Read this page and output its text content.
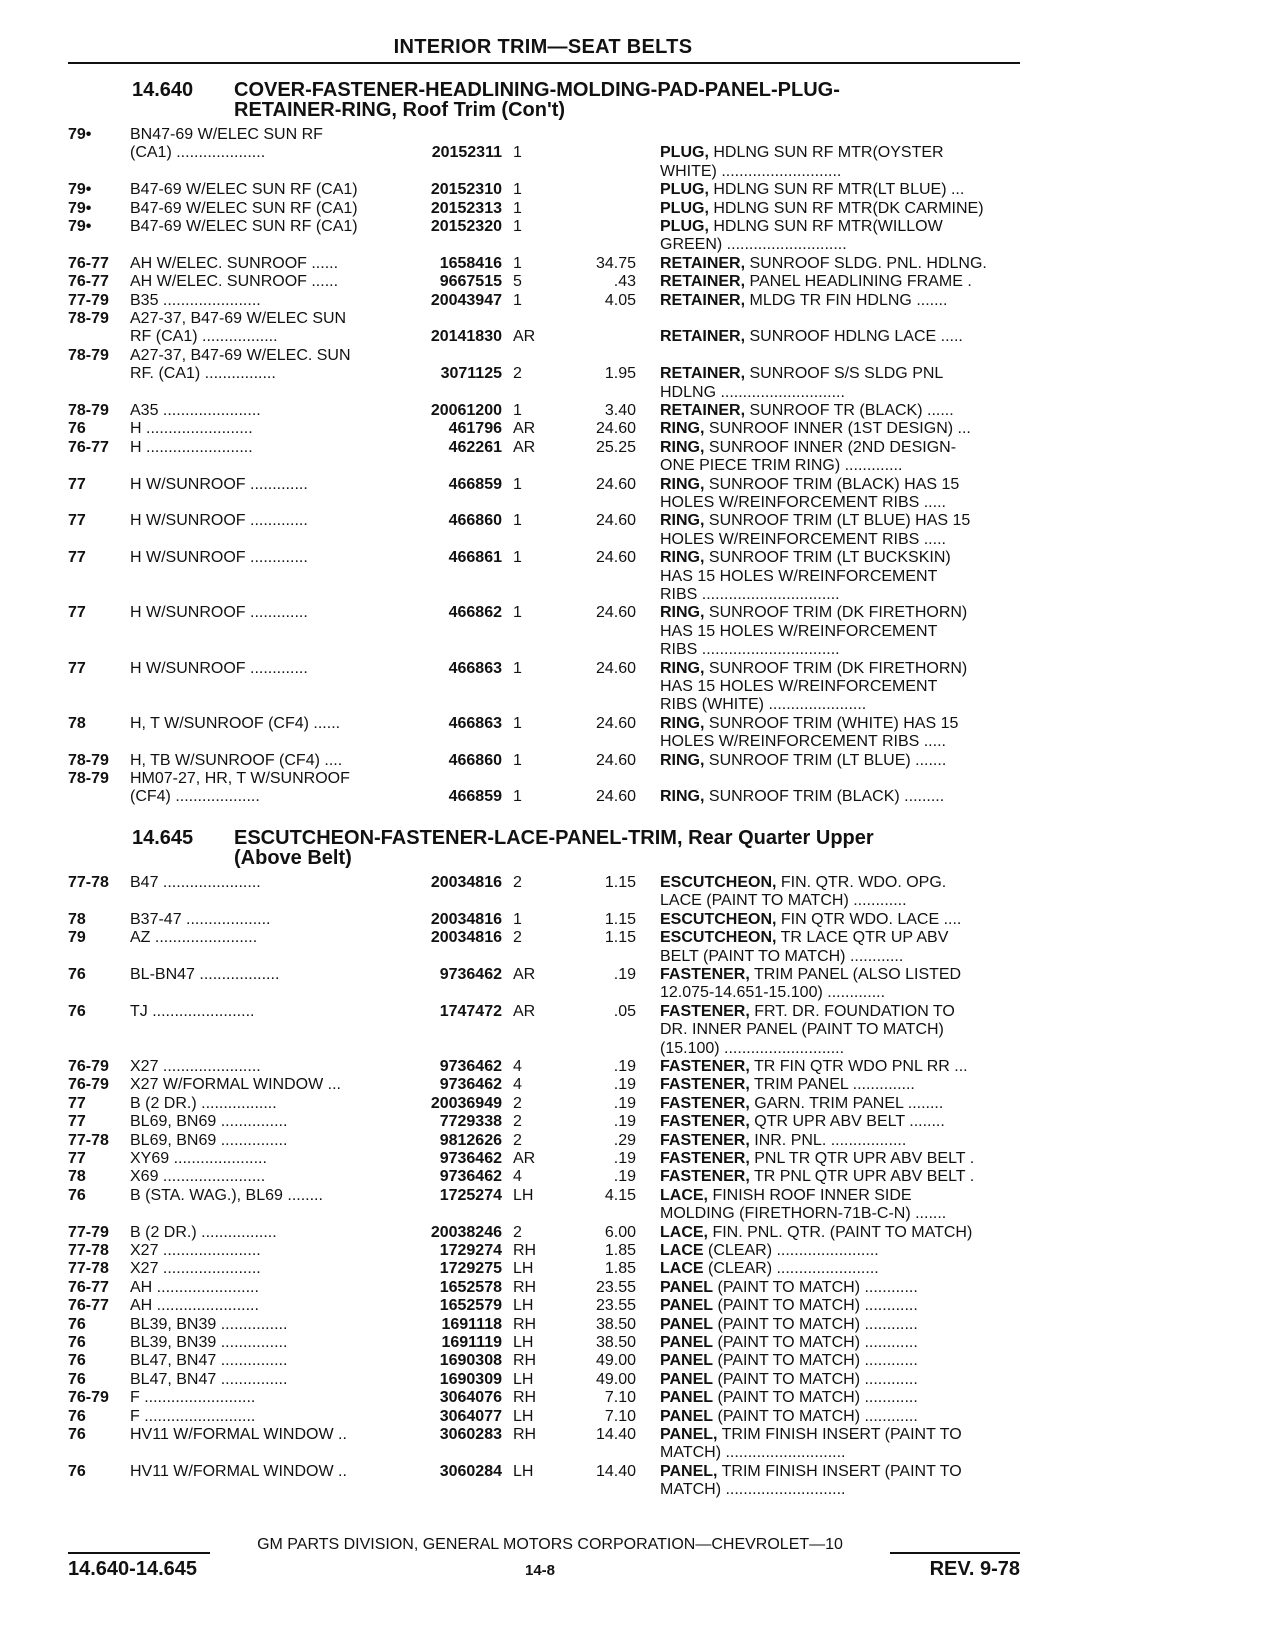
INTERIOR TRIM—SEAT BELTS
14.640 COVER-FASTENER-HEADLINING-MOLDING-PAD-PANEL-PLUG-
RETAINER-RING, Roof Trim (Con't)
79•	BN47-69 W/ELEC SUN RF
(CA1) ....................	20152311 1	PLUG, HDLNG SUN RF MTR(OYSTER
WHITE) ...........................
79•	B47-69 W/ELEC SUN RF (CA1)	20152310 1	PLUG, HDLNG SUN RF MTR(LT BLUE) ...
79•	B47-69 W/ELEC SUN RF (CA1)	20152313 1	PLUG, HDLNG SUN RF MTR(DK CARMINE)
79•	B47-69 W/ELEC SUN RF (CA1)	20152320 1	PLUG, HDLNG SUN RF MTR(WILLOW
GREEN) ...........................
76-77	AH W/ELEC. SUNROOF ......	1658416 1	34.75 RETAINER, SUNROOF SLDG. PNL. HDLNG.
76-77	AH W/ELEC. SUNROOF ......	9667515 5	.43 RETAINER, PANEL HEADLINING FRAME .
77-79	B35 ......................	20043947 1	4.05 RETAINER, MLDG TR FIN HDLNG .......
78-79	A27-37, B47-69 W/ELEC SUN
RF (CA1) .................	20141830 AR	RETAINER, SUNROOF HDLNG LACE .....
78-79	A27-37, B47-69 W/ELEC. SUN
RF. (CA1) ................	3071125 2	1.95 RETAINER, SUNROOF S/S SLDG PNL
HDLNG ............................
78-79	A35 ......................	20061200 1	3.40 RETAINER, SUNROOF TR (BLACK) ......
76	H ........................	461796 AR	24.60 RING, SUNROOF INNER (1ST DESIGN) ...
76-77	H ........................	462261 AR	25.25 RING, SUNROOF INNER (2ND DESIGN-
ONE PIECE TRIM RING) .............
77	H W/SUNROOF .............	466859 1	24.60 RING, SUNROOF TRIM (BLACK) HAS 15
HOLES W/REINFORCEMENT RIBS .....
77	H W/SUNROOF .............	466860 1	24.60 RING, SUNROOF TRIM (LT BLUE) HAS 15
HOLES W/REINFORCEMENT RIBS .....
77	H W/SUNROOF .............	466861 1	24.60 RING, SUNROOF TRIM (LT BUCKSKIN)
HAS 15 HOLES W/REINFORCEMENT
RIBS ...............................
77	H W/SUNROOF .............	466862 1	24.60 RING, SUNROOF TRIM (DK FIRETHORN)
HAS 15 HOLES W/REINFORCEMENT
RIBS ...............................
77	H W/SUNROOF .............	466863 1	24.60 RING, SUNROOF TRIM (DK FIRETHORN)
HAS 15 HOLES W/REINFORCEMENT
RIBS (WHITE) ......................
78	H, T W/SUNROOF (CF4) ......	466863 1	24.60 RING, SUNROOF TRIM (WHITE) HAS 15
HOLES W/REINFORCEMENT RIBS .....
78-79	H, TB W/SUNROOF (CF4) ....	466860 1	24.60 RING, SUNROOF TRIM (LT BLUE) .......
78-79	HM07-27, HR, T W/SUNROOF
(CF4) ...................	466859 1	24.60 RING, SUNROOF TRIM (BLACK) .........
14.645 ESCUTCHEON-FASTENER-LACE-PANEL-TRIM, Rear Quarter Upper
(Above Belt)
77-78	B47 ......................	20034816 2	1.15 ESCUTCHEON, FIN. QTR. WDO. OPG.
LACE (PAINT TO MATCH) ............
78	B37-47 ...................	20034816 1	1.15 ESCUTCHEON, FIN QTR WDO. LACE ....
79	AZ .......................	20034816 2	1.15 ESCUTCHEON, TR LACE QTR UP ABV
BELT (PAINT TO MATCH) ............
76	BL-BN47 ..................	9736462 AR	.19 FASTENER, TRIM PANEL (ALSO LISTED
12.075-14.651-15.100) .............
76	TJ .......................	1747472 AR	.05 FASTENER, FRT. DR. FOUNDATION TO
DR. INNER PANEL (PAINT TO MATCH)
(15.100) ...........................
76-79	X27 ......................	9736462 4	.19 FASTENER, TR FIN QTR WDO PNL RR ...
76-79	X27 W/FORMAL WINDOW ...	9736462 4	.19 FASTENER, TRIM PANEL ..............
77	B (2 DR.) .................	20036949 2	.19 FASTENER, GARN. TRIM PANEL ........
77	BL69, BN69 ...............	7729338 2	.19 FASTENER, QTR UPR ABV BELT ........
77-78	BL69, BN69 ...............	9812626 2	.29 FASTENER, INR. PNL. .................
77	XY69 .....................	9736462 AR	.19 FASTENER, PNL TR QTR UPR ABV BELT .
78	X69 .......................	9736462 4	.19 FASTENER, TR PNL QTR UPR ABV BELT .
76	B (STA. WAG.), BL69 ........	1725274 LH	4.15 LACE, FINISH ROOF INNER SIDE
MOLDING (FIRETHORN-71B-C-N) .......
77-79	B (2 DR.) .................	20038246 2	6.00 LACE, FIN. PNL. QTR. (PAINT TO MATCH)
77-78	X27 ......................	1729274 RH	1.85 LACE (CLEAR) .......................
77-78	X27 ......................	1729275 LH	1.85 LACE (CLEAR) .......................
76-77	AH .......................	1652578 RH	23.55 PANEL (PAINT TO MATCH) ............
76-77	AH .......................	1652579 LH	23.55 PANEL (PAINT TO MATCH) ............
76	BL39, BN39 ...............	1691118 RH	38.50 PANEL (PAINT TO MATCH) ............
76	BL39, BN39 ...............	1691119 LH	38.50 PANEL (PAINT TO MATCH) ............
76	BL47, BN47 ...............	1690308 RH	49.00 PANEL (PAINT TO MATCH) ............
76	BL47, BN47 ...............	1690309 LH	49.00 PANEL (PAINT TO MATCH) ............
76-79	F .........................	3064076 RH	7.10 PANEL (PAINT TO MATCH) ............
76	F .........................	3064077 LH	7.10 PANEL (PAINT TO MATCH) ............
76	HV11 W/FORMAL WINDOW ..	3060283 RH	14.40 PANEL, TRIM FINISH INSERT (PAINT TO
MATCH) ...........................
76	HV11 W/FORMAL WINDOW ..	3060284 LH	14.40 PANEL, TRIM FINISH INSERT (PAINT TO
MATCH) ...........................
GM PARTS DIVISION, GENERAL MOTORS CORPORATION—CHEVROLET—10
14.640-14.645	14-8	REV. 9-78
